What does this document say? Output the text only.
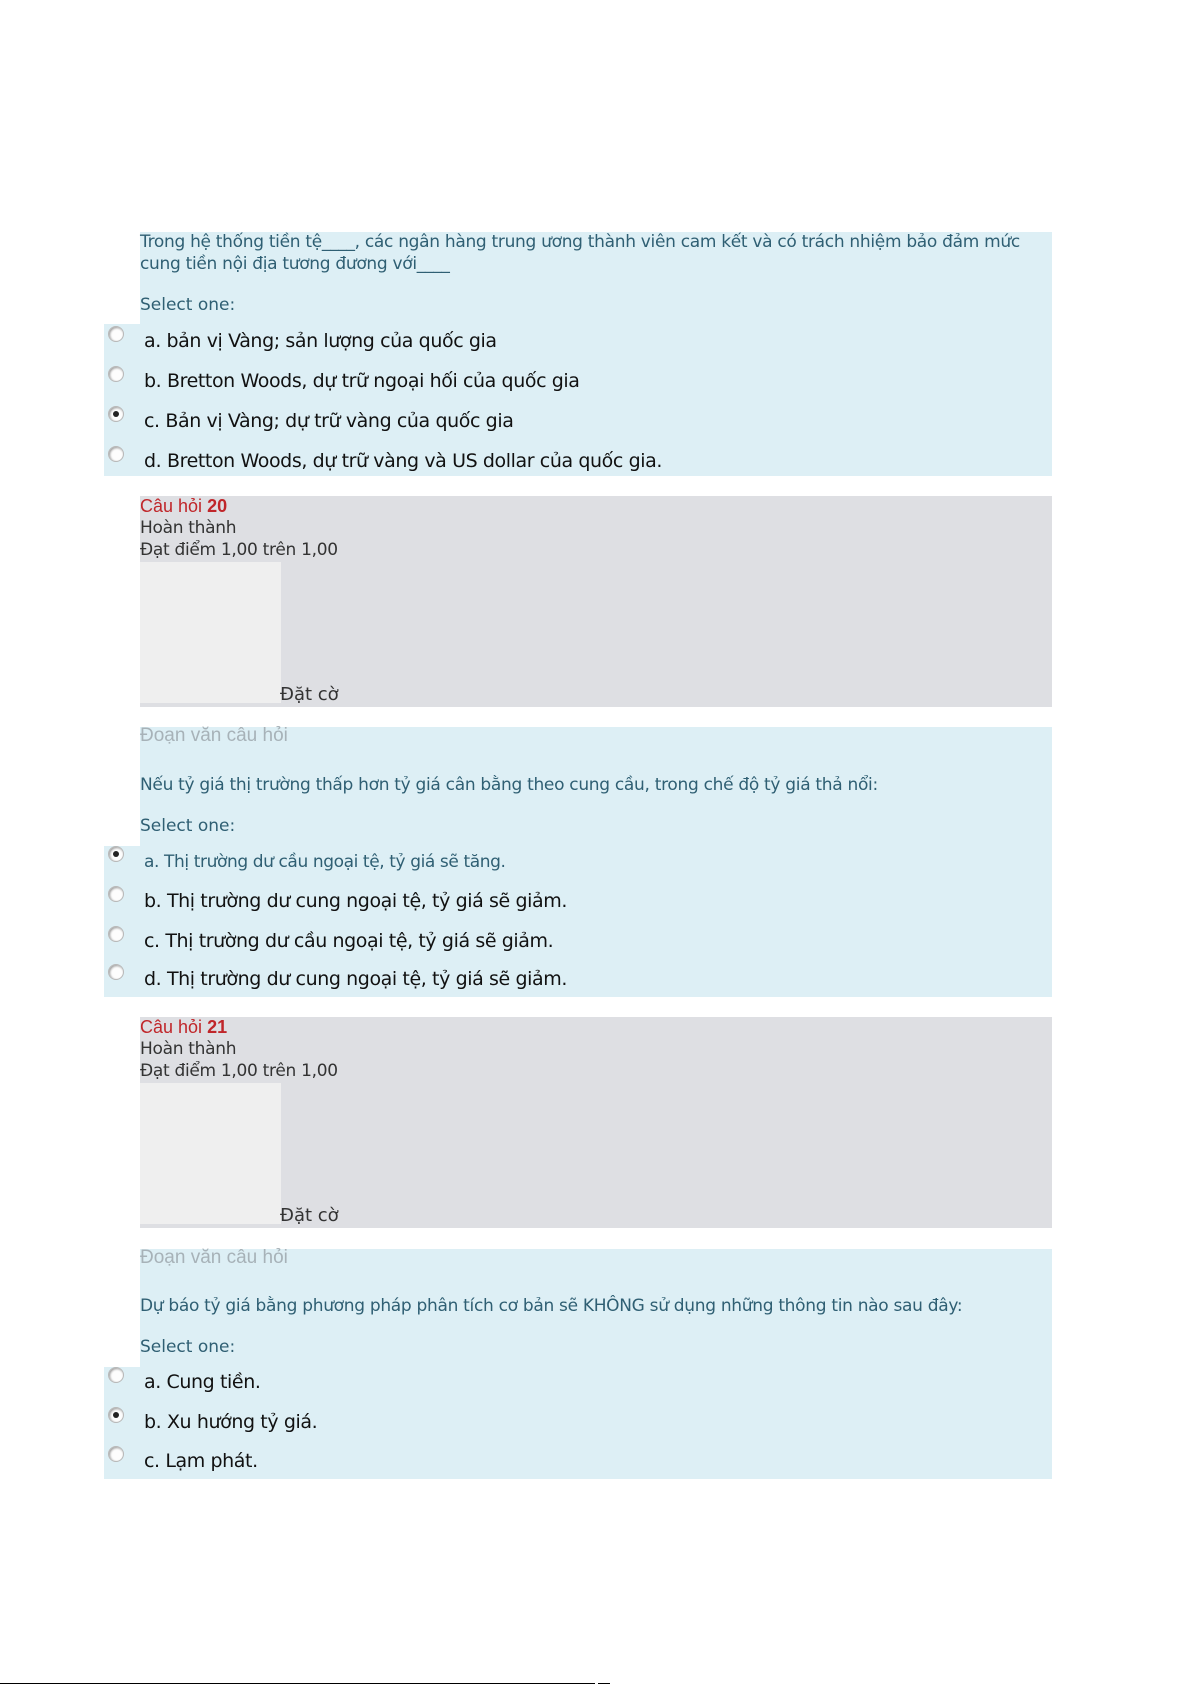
Trong hệ thống tiền tệ____, các ngân hàng trung ương thành viên cam kết và có trách nhiệm bảo đảm mức
cung tiền nội địa tương đương với____
Select one:
a. bản vị Vàng; sản lượng của quốc gia
b. Bretton Woods, dự trữ ngoại hối của quốc gia
c. Bản vị Vàng; dự trữ vàng của quốc gia
d. Bretton Woods, dự trữ vàng và US dollar của quốc gia.
Câu hỏi 20
Hoàn thành
Đạt điểm 1,00 trên 1,00
Đặt cờ
Đoạn văn câu hỏi
Nếu tỷ giá thị trường thấp hơn tỷ giá cân bằng theo cung cầu, trong chế độ tỷ giá thả nổi:
Select one:
a. Thị trường dư cầu ngoại tệ, tỷ giá sẽ tăng.
b. Thị trường dư cung ngoại tệ, tỷ giá sẽ giảm.
c. Thị trường dư cầu ngoại tệ, tỷ giá sẽ giảm.
d. Thị trường dư cung ngoại tệ, tỷ giá sẽ giảm.
Câu hỏi 21
Hoàn thành
Đạt điểm 1,00 trên 1,00
Đặt cờ
Đoạn văn câu hỏi
Dự báo tỷ giá bằng phương pháp phân tích cơ bản sẽ KHÔNG sử dụng những thông tin nào sau đây:
Select one:
a. Cung tiền.
b. Xu hướng tỷ giá.
c. Lạm phát.
